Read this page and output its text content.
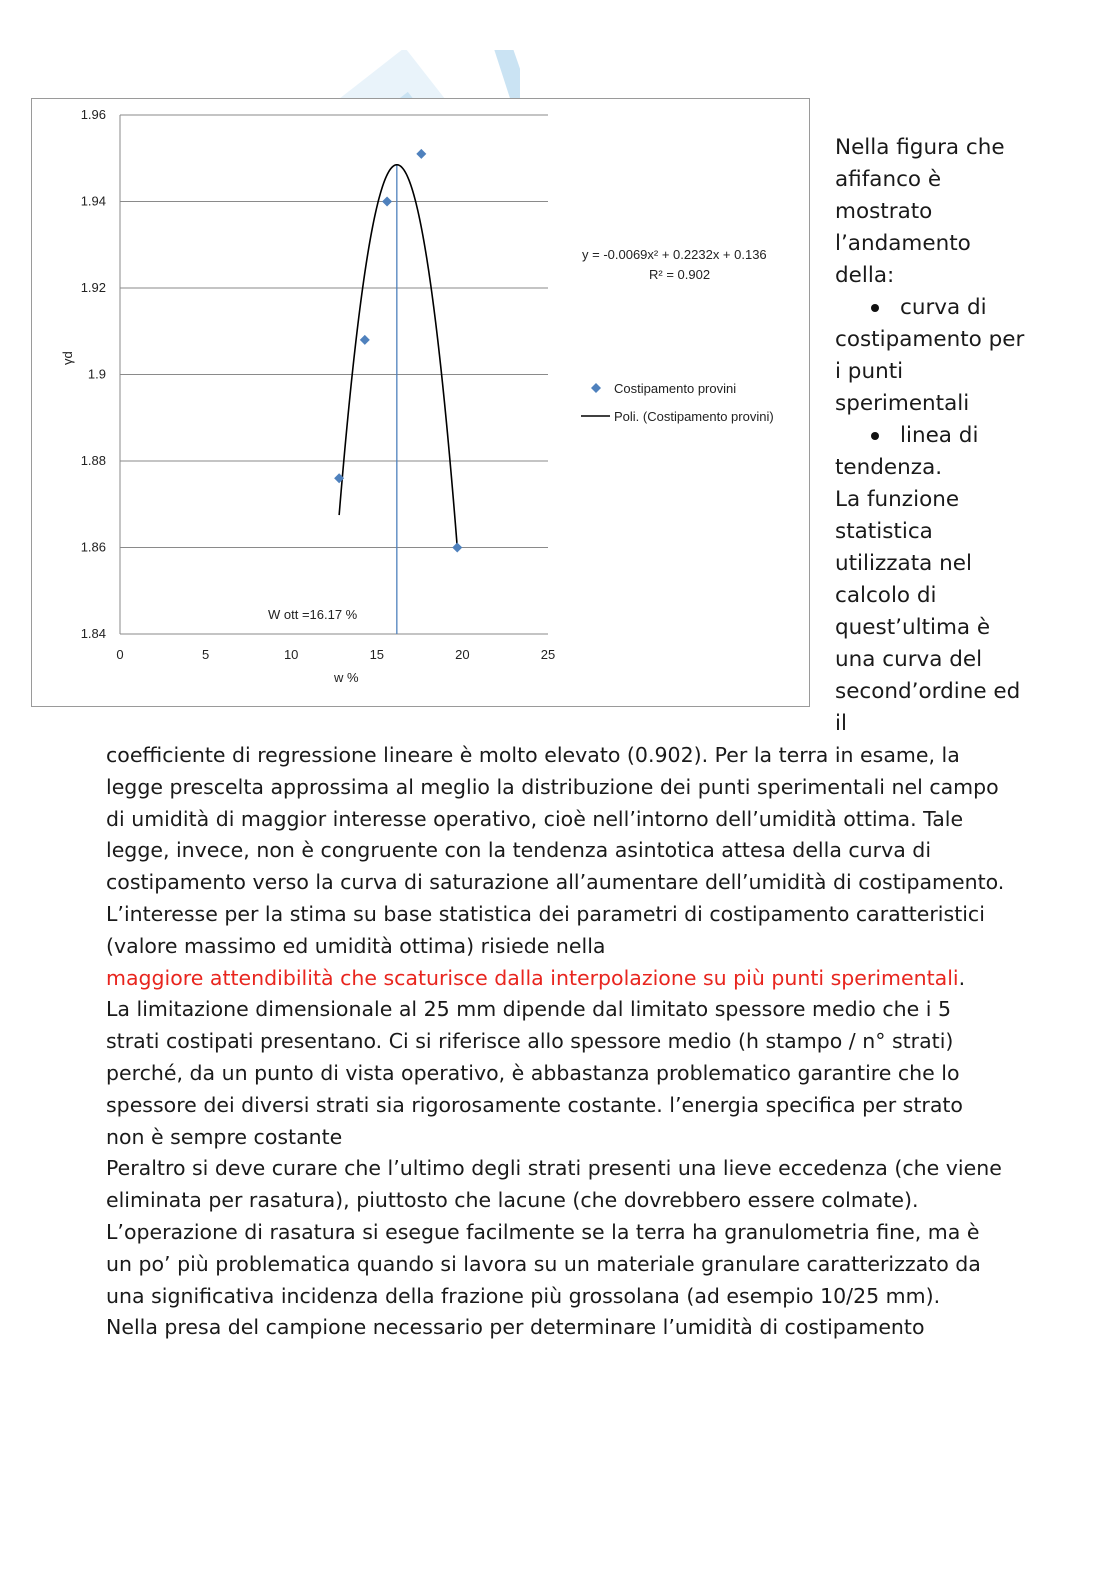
1.84
1.86
1.88
1.9
1.92
1.94
1.96
0	5	10	15	20	25
W ott =16.17 %
w %
γd
y = -0.0069x² + 0.2232x + 0.136
R² = 0.902
Costipamento provini
Poli. (Costipamento provini)

Nella figura che afifanco è mostrato l’andamento della:

curva di costipamento per i punti sperimentali
linea di tendenza.

La funzione statistica utilizzata nel calcolo di quest’ultima è una curva del second’ordine ed il

coefficiente di regressione lineare è molto elevato (0.902). Per la terra in esame, la legge prescelta approssima al meglio la distribuzione dei punti sperimentali nel campo di umidità di maggior interesse operativo, cioè nell’intorno dell’umidità ottima. Tale legge, invece, non è congruente con la tendenza asintotica attesa della curva di costipamento verso la curva di saturazione all’aumentare dell’umidità di costipamento. L’interesse per la stima su base statistica dei parametri di costipamento caratteristici (valore massimo ed umidità ottima) risiede nella
maggiore attendibilità che scaturisce dalla interpolazione su più punti sperimentali.

La limitazione dimensionale al 25 mm dipende dal limitato spessore medio che i 5 strati costipati presentano. Ci si riferisce allo spessore medio (h stampo / n° strati) perché, da un punto di vista operativo, è abbastanza problematico garantire che lo spessore dei diversi strati sia rigorosamente costante. l’energia specifica per strato non è sempre costante

Peraltro si deve curare che l’ultimo degli strati presenti una lieve eccedenza (che viene eliminata per rasatura), piuttosto che lacune (che dovrebbero essere colmate). L’operazione di rasatura si esegue facilmente se la terra ha granulometria fine, ma è un po’ più problematica quando si lavora su un materiale granulare caratterizzato da una significativa incidenza della frazione più grossolana (ad esempio 10/25 mm).

Nella presa del campione necessario per determinare l’umidità di costipamento
